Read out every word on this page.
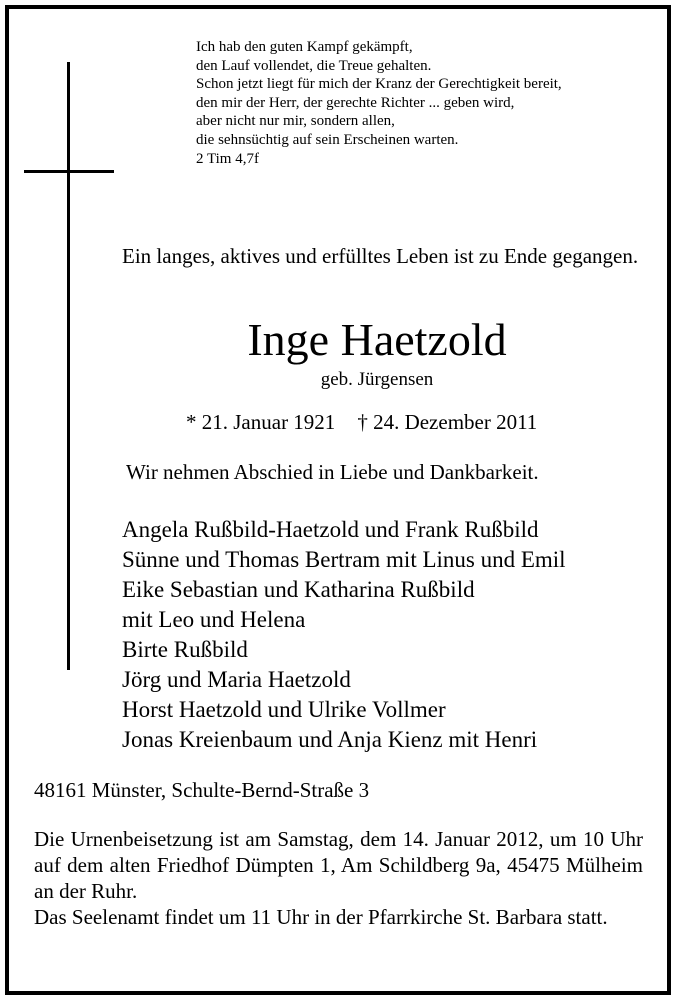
Ich hab den guten Kampf gekämpft,
den Lauf vollendet, die Treue gehalten.
Schon jetzt liegt für mich der Kranz der Gerechtigkeit bereit,
den mir der Herr, der gerechte Richter ... geben wird,
aber nicht nur mir, sondern allen,
die sehnsüchtig auf sein Erscheinen warten.
2 Tim 4,7f
Ein langes, aktives und erfülltes Leben ist zu Ende gegangen.
Inge Haetzold
geb. Jürgensen
* 21. Januar 1921 † 24. Dezember 2011
Wir nehmen Abschied in Liebe und Dankbarkeit.
Angela Rußbild-Haetzold und Frank Rußbild
Sünne und Thomas Bertram mit Linus und Emil
Eike Sebastian und Katharina Rußbild
mit Leo und Helena
Birte Rußbild
Jörg und Maria Haetzold
Horst Haetzold und Ulrike Vollmer
Jonas Kreienbaum und Anja Kienz mit Henri
48161 Münster, Schulte-Bernd-Straße 3

Die Urnenbeisetzung ist am Samstag, dem 14. Januar 2012, um 10 Uhr auf dem alten Friedhof Dümpten 1, Am Schildberg 9a, 45475 Mülheim an der Ruhr.

Das Seelenamt findet um 11 Uhr in der Pfarrkirche St. Barbara statt.
